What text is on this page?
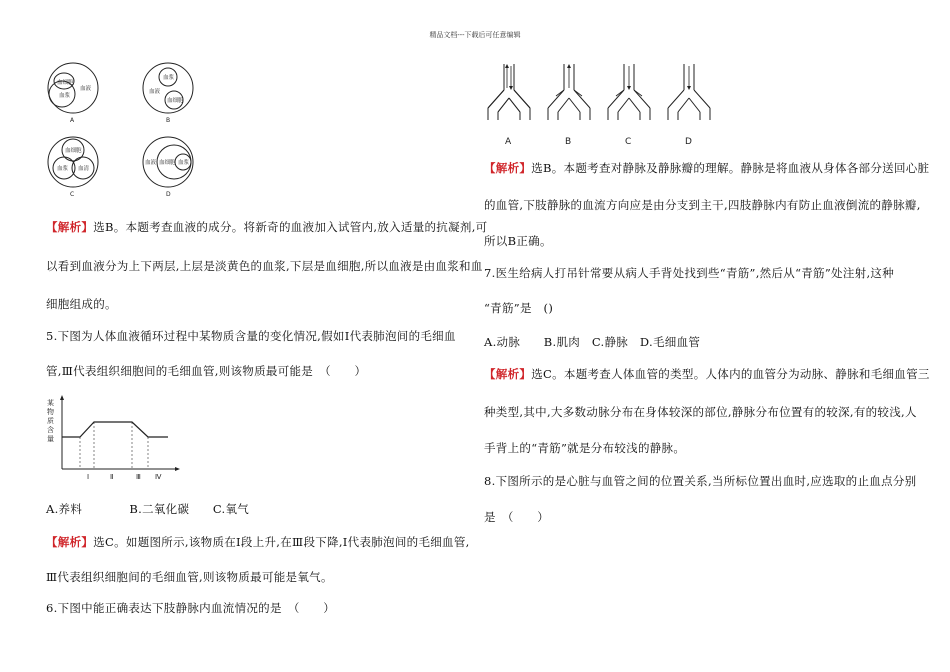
精品文档---下载后可任意编辑
血细胞
血浆
血液
A
血浆
血液
血细胞
B
血细胞
血浆 血清
C
血液 血细胞 血浆
D
【解析】选B。本题考查血液的成分。将新奇的血液加入试管内,放入适量的抗凝剂,可
以看到血液分为上下两层,上层是淡黄色的血浆,下层是血细胞,所以血液是由血浆和血
细胞组成的。
5.下图为人体血液循环过程中某物质含量的变化情况,假如Ⅰ代表肺泡间的毛细血
管,Ⅲ代表组织细胞间的毛细血管,则该物质最可能是　（　　）
某
物
质
含
量
Ⅰ	Ⅱ	Ⅲ Ⅳ
A.养料　　　　B.二氧化碳　　C.氧气
【解析】选C。如题图所示,该物质在Ⅰ段上升,在Ⅲ段下降,Ⅰ代表肺泡间的毛细血管,
Ⅲ代表组织细胞间的毛细血管,则该物质最可能是氧气。
6.下图中能正确表达下肢静脉内血流情况的是　（　　）
A	B	C	D
【解析】选B。本题考查对静脉及静脉瓣的理解。静脉是将血液从身体各部分送回心脏
的血管,下肢静脉的血流方向应是由分支到主干,四肢静脉内有防止血液倒流的静脉瓣,
所以B正确。
7.医生给病人打吊针常要从病人手背处找到些“青筋”,然后从“青筋”处注射,这种
“青筋”是　()
A.动脉　　B.肌肉　C.静脉　D.毛细血管
【解析】选C。本题考查人体血管的类型。人体内的血管分为动脉、静脉和毛细血管三
种类型,其中,大多数动脉分布在身体较深的部位,静脉分布位置有的较深,有的较浅,人
手背上的“青筋”就是分布较浅的静脉。
8.下图所示的是心脏与血管之间的位置关系,当所标位置出血时,应选取的止血点分别
是　（　　）
